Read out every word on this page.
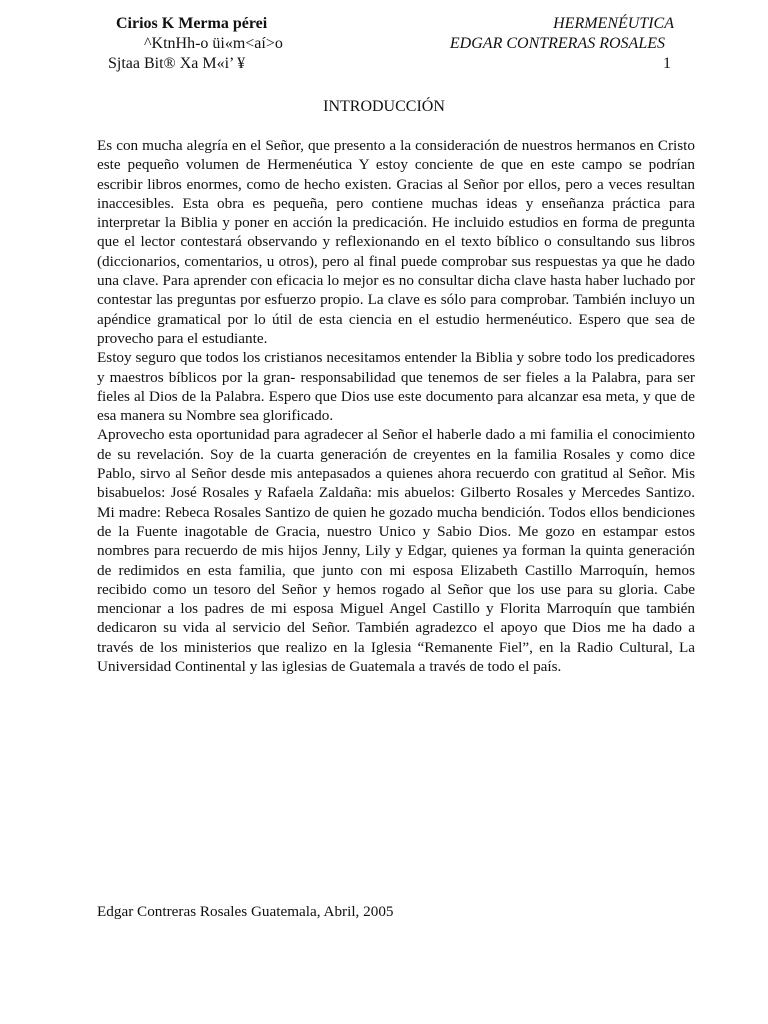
Cirios K Merma pérei
^KtnHh-o üi«m<aí>o
Sjtaa Bit® Xa M«i’ ¥
HERMENÉUTICA
EDGAR CONTRERAS ROSALES
1
INTRODUCCIÓN

Es con mucha alegría en el Señor, que presento a la consideración de nuestros hermanos en Cristo este pequeño volumen de Hermenéutica Y estoy conciente de que en este campo se podrían escribir libros enormes, como de hecho existen. Gracias al Señor por ellos, pero a veces resultan inaccesibles. Esta obra es pequeña, pero contiene muchas ideas y enseñanza práctica para interpretar la Biblia y poner en acción la predicación. He incluido estudios en forma de pregunta que el lector contestará observando y reflexionando en el texto bíblico o consultando sus libros (diccionarios, comentarios, u otros), pero al final puede comprobar sus respuestas ya que he dado una clave. Para aprender con eficacia lo mejor es no consultar dicha clave hasta haber luchado por contestar las preguntas por esfuerzo propio. La clave es sólo para comprobar. También incluyo un apéndice gramatical por lo útil de esta ciencia en el estudio hermenéutico. Espero que sea de provecho para el estudiante.

Estoy seguro que todos los cristianos necesitamos entender la Biblia y sobre todo los predicadores y maestros bíblicos por la gran- responsabilidad que tenemos de ser fieles a la Palabra, para ser fieles al Dios de la Palabra. Espero que Dios use este documento para alcanzar esa meta, y que de esa manera su Nombre sea glorificado.

Aprovecho esta oportunidad para agradecer al Señor el haberle dado a mi familia el conocimiento de su revelación. Soy de la cuarta generación de creyentes en la familia Rosales y como dice Pablo, sirvo al Señor desde mis antepasados a quienes ahora recuerdo con gratitud al Señor. Mis bisabuelos: José Rosales y Rafaela Zaldaña: mis abuelos: Gilberto Rosales y Mercedes Santizo. Mi madre: Rebeca Rosales Santizo de quien he gozado mucha bendición. Todos ellos bendiciones de la Fuente inagotable de Gracia, nuestro Unico y Sabio Dios. Me gozo en estampar estos nombres para recuerdo de mis hijos Jenny, Lily y Edgar, quienes ya forman la quinta generación de redimidos en esta familia, que junto con mi esposa Elizabeth Castillo Marroquín, hemos recibido como un tesoro del Señor y hemos rogado al Señor que los use para su gloria. Cabe mencionar a los padres de mi esposa Miguel Angel Castillo y Florita Marroquín que también dedicaron su vida al servicio del Señor. También agradezco el apoyo que Dios me ha dado a través de los ministerios que realizo en la Iglesia “Remanente Fiel”, en la Radio Cultural, La Universidad Continental y las iglesias de Guatemala a través de todo el país.

Edgar Contreras Rosales Guatemala, Abril, 2005
